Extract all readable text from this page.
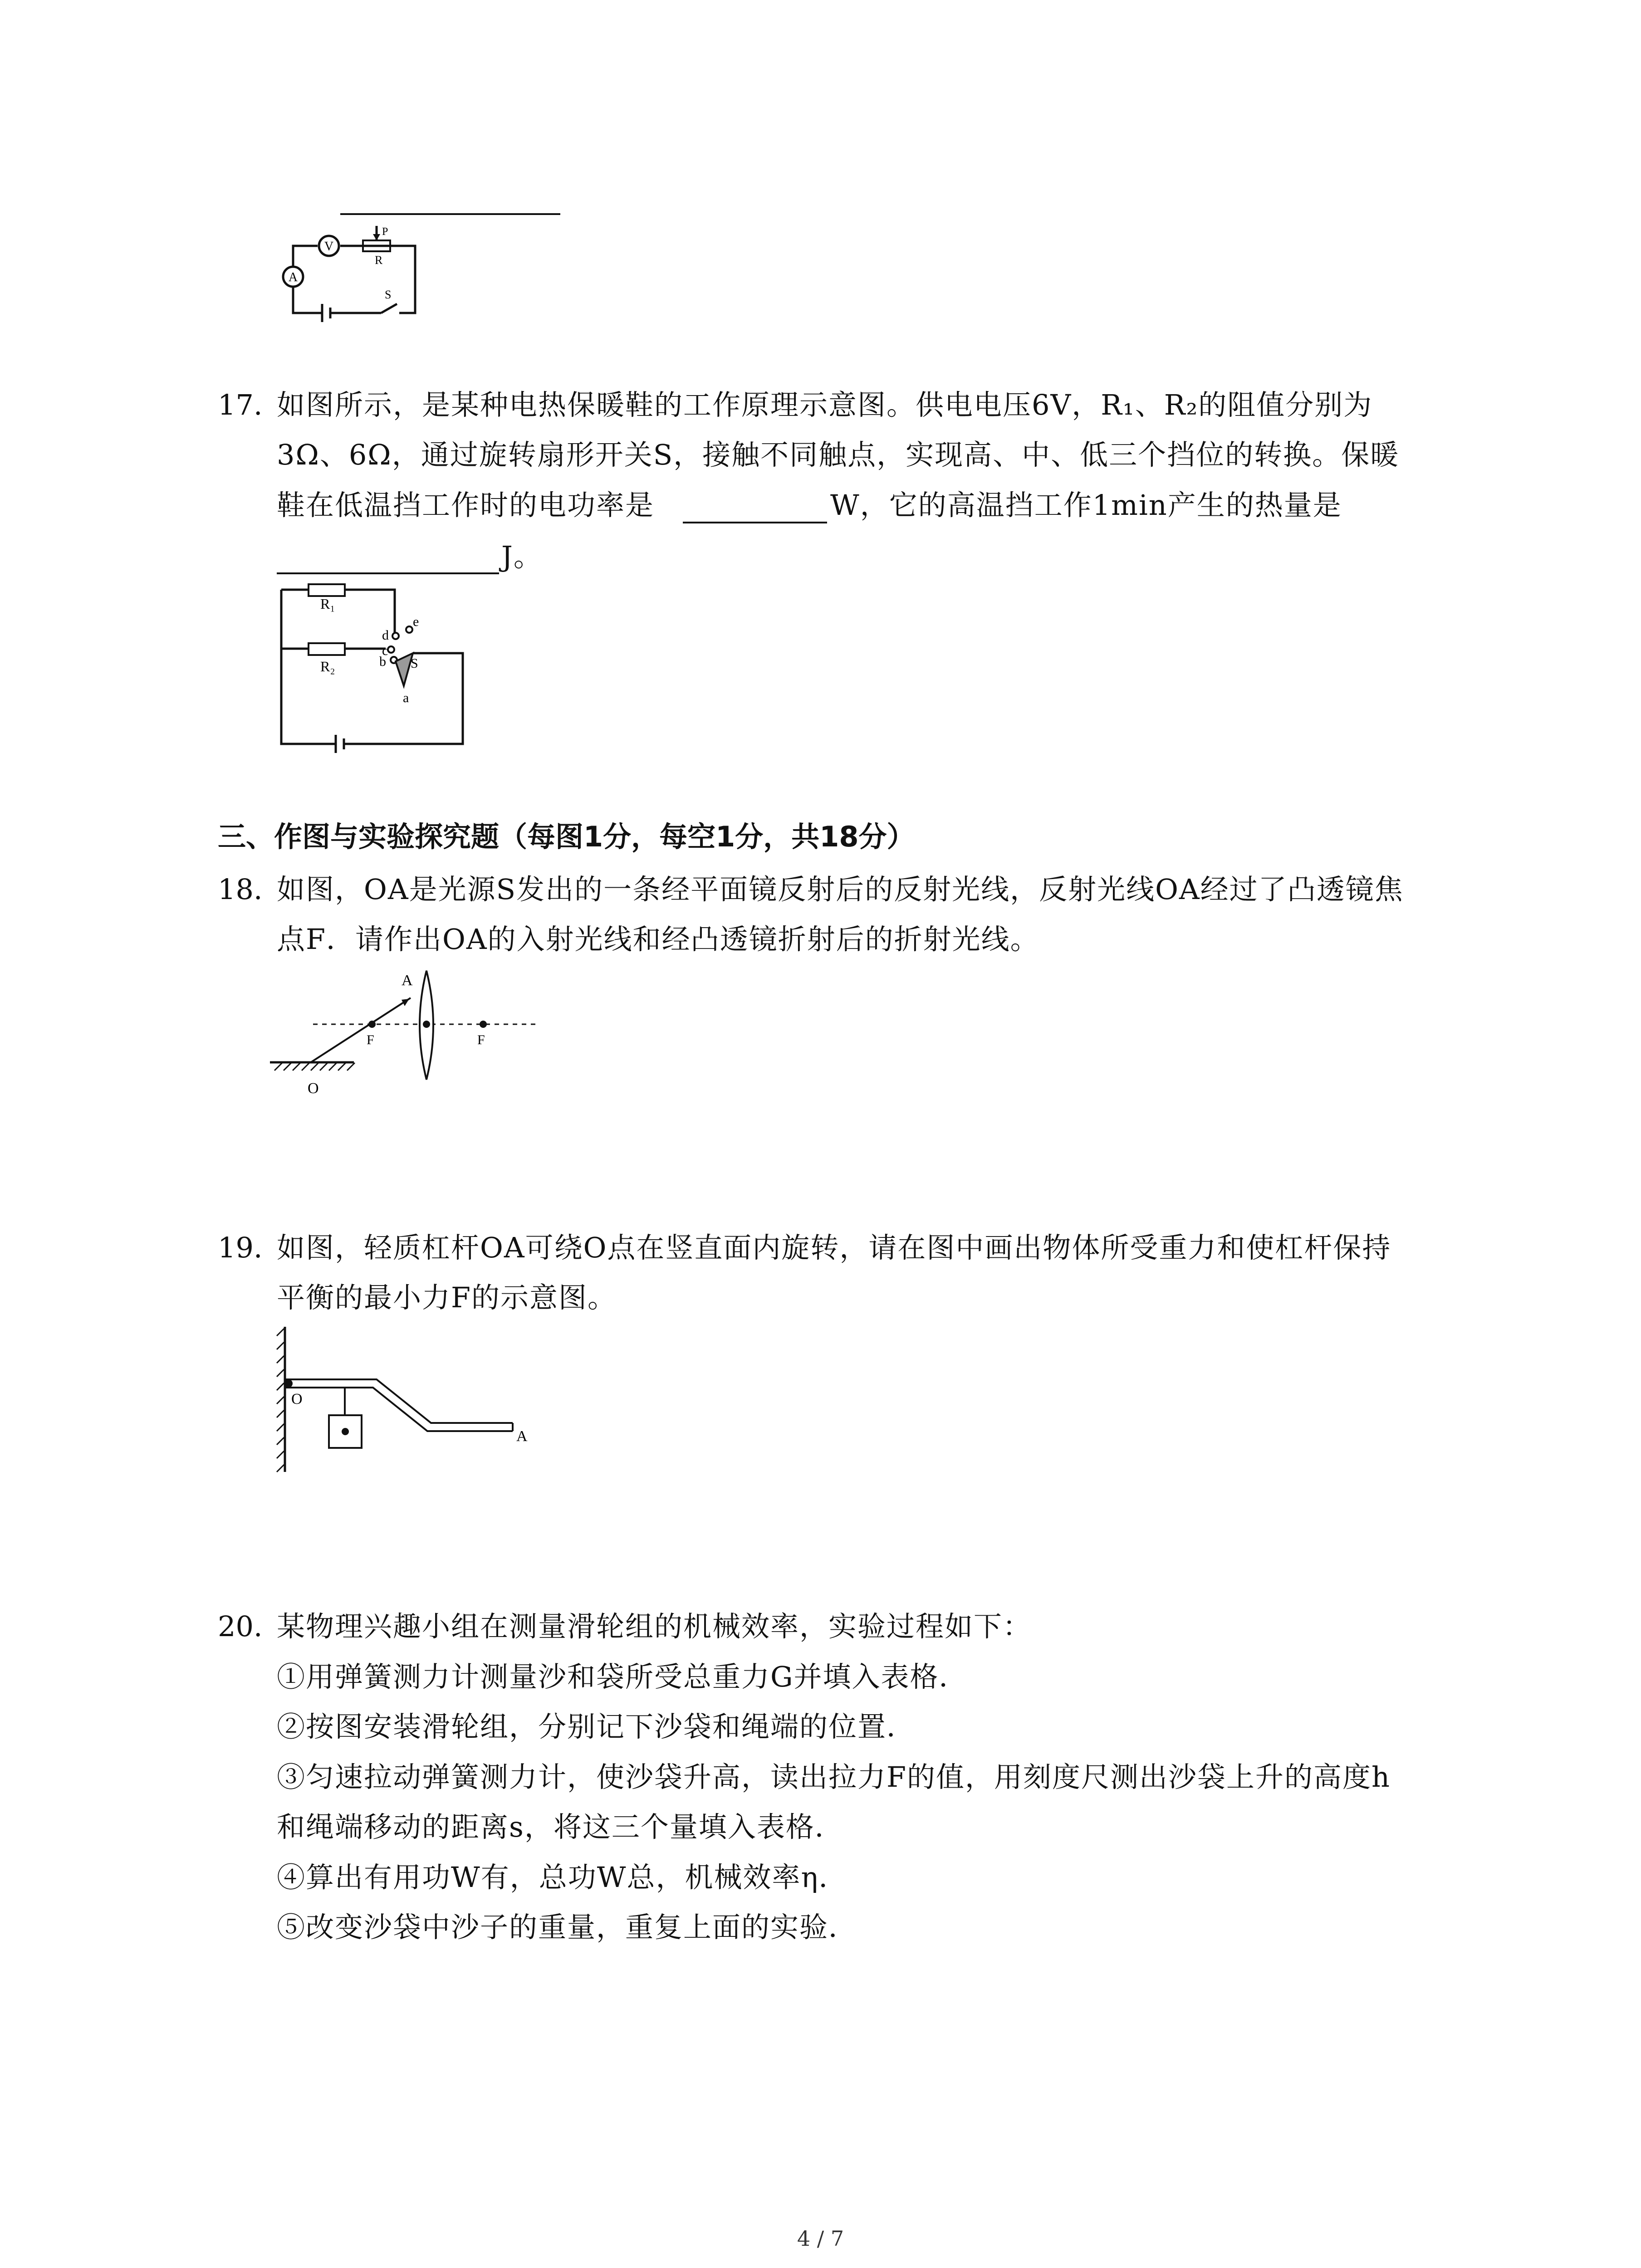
V
A
P
R
S
17. 如图所示，是某种电热保暖鞋的工作原理示意图。供电电压6V，R₁、R₂的阻值分别为
3Ω、6Ω，通过旋转扇形开关S，接触不同触点，实现高、中、低三个挡位的转换。保暖
鞋在低温挡工作时的电功率是	W，它的高温挡工作1min产生的热量是
J。
R₁
R₂
d
e
c
b S
a
三、作图与实验探究题（每图1分，每空1分，共18分）
18. 如图，OA是光源S发出的一条经平面镜反射后的反射光线，反射光线OA经过了凸透镜焦
点F．请作出OA的入射光线和经凸透镜折射后的折射光线。
A
F	F
O
19. 如图，轻质杠杆OA可绕O点在竖直面内旋转，请在图中画出物体所受重力和使杠杆保持
平衡的最小力F的示意图。
O
A
20. 某物理兴趣小组在测量滑轮组的机械效率，实验过程如下：
①用弹簧测力计测量沙和袋所受总重力G并填入表格．
②按图安装滑轮组，分别记下沙袋和绳端的位置．
③匀速拉动弹簧测力计，使沙袋升高，读出拉力F的值，用刻度尺测出沙袋上升的高度h
和绳端移动的距离s，将这三个量填入表格．
④算出有用功W有，总功W总，机械效率η．
⑤改变沙袋中沙子的重量，重复上面的实验．
4 / 7
